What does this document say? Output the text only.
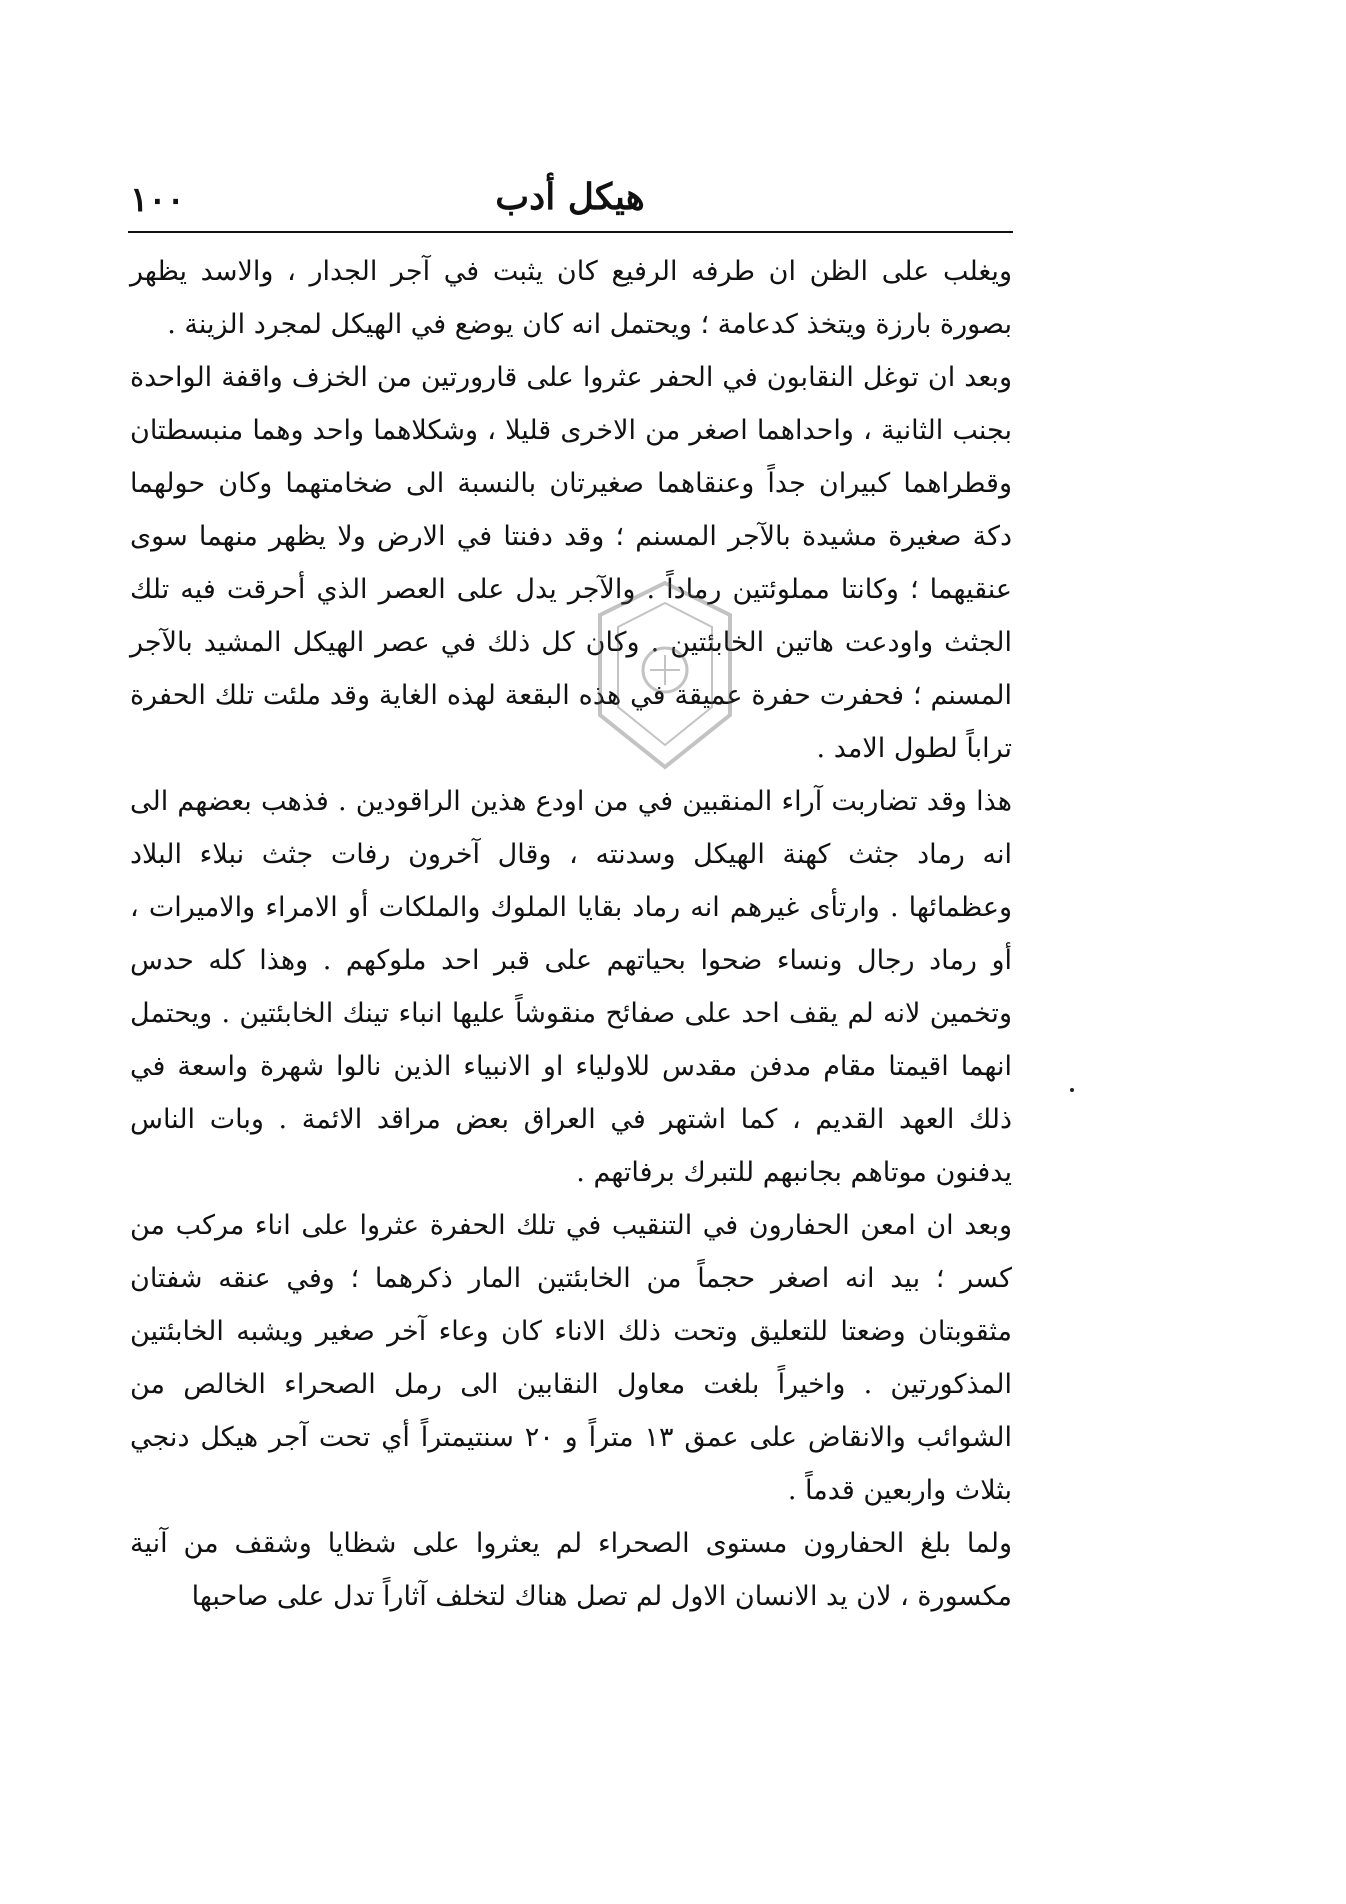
١٠٠	هيكل أدب

ويغلب على الظن ان طرفه الرفيع كان يثبت في آجر الجدار ، والاسد يظهر بصورة بارزة ويتخذ كدعامة ؛ ويحتمل انه كان يوضع في الهيكل لمجرد الزينة .

وبعد ان توغل النقابون في الحفر عثروا على قارورتين من الخزف واقفة الواحدة بجنب الثانية ، واحداهما اصغر من الاخرى قليلا ، وشكلاهما واحد وهما منبسطتان وقطراهما كبيران جداً وعنقاهما صغيرتان بالنسبة الى ضخامتهما وكان حولهما دكة صغيرة مشيدة بالآجر المسنم ؛ وقد دفنتا في الارض ولا يظهر منهما سوى عنقيهما ؛ وكانتا مملوئتين رماداً . والآجر يدل على العصر الذي أحرقت فيه تلك الجثث واودعت هاتين الخابئتين . وكان كل ذلك في عصر الهيكل المشيد بالآجر المسنم ؛ فحفرت حفرة عميقة في هذه البقعة لهذه الغاية وقد ملئت تلك الحفرة تراباً لطول الامد .

هذا وقد تضاربت آراء المنقبين في من اودع هذين الراقودين . فذهب بعضهم الى انه رماد جثث كهنة الهيكل وسدنته ، وقال آخرون رفات جثث نبلاء البلاد وعظمائها . وارتأى غيرهم انه رماد بقايا الملوك والملكات أو الامراء والاميرات ، أو رماد رجال ونساء ضحوا بحياتهم على قبر احد ملوكهم . وهذا كله حدس وتخمين لانه لم يقف احد على صفائح منقوشاً عليها انباء تينك الخابئتين . ويحتمل انهما اقيمتا مقام مدفن مقدس للاولياء او الانبياء الذين نالوا شهرة واسعة في ذلك العهد القديم ، كما اشتهر في العراق بعض مراقد الائمة . وبات الناس يدفنون موتاهم بجانبهم للتبرك برفاتهم .

وبعد ان امعن الحفارون في التنقيب في تلك الحفرة عثروا على اناء مركب من كسر ؛ بيد انه اصغر حجماً من الخابئتين المار ذكرهما ؛ وفي عنقه شفتان مثقوبتان وضعتا للتعليق وتحت ذلك الاناء كان وعاء آخر صغير ويشبه الخابئتين المذكورتين . واخيراً بلغت معاول النقابين الى رمل الصحراء الخالص من الشوائب والانقاض على عمق ١٣ متراً و ٢٠ سنتيمتراً أي تحت آجر هيكل دنجي بثلاث واربعين قدماً .

ولما بلغ الحفارون مستوى الصحراء لم يعثروا على شظايا وشقف من آنية مكسورة ، لان يد الانسان الاول لم تصل هناك لتخلف آثاراً تدل على صاحبها
